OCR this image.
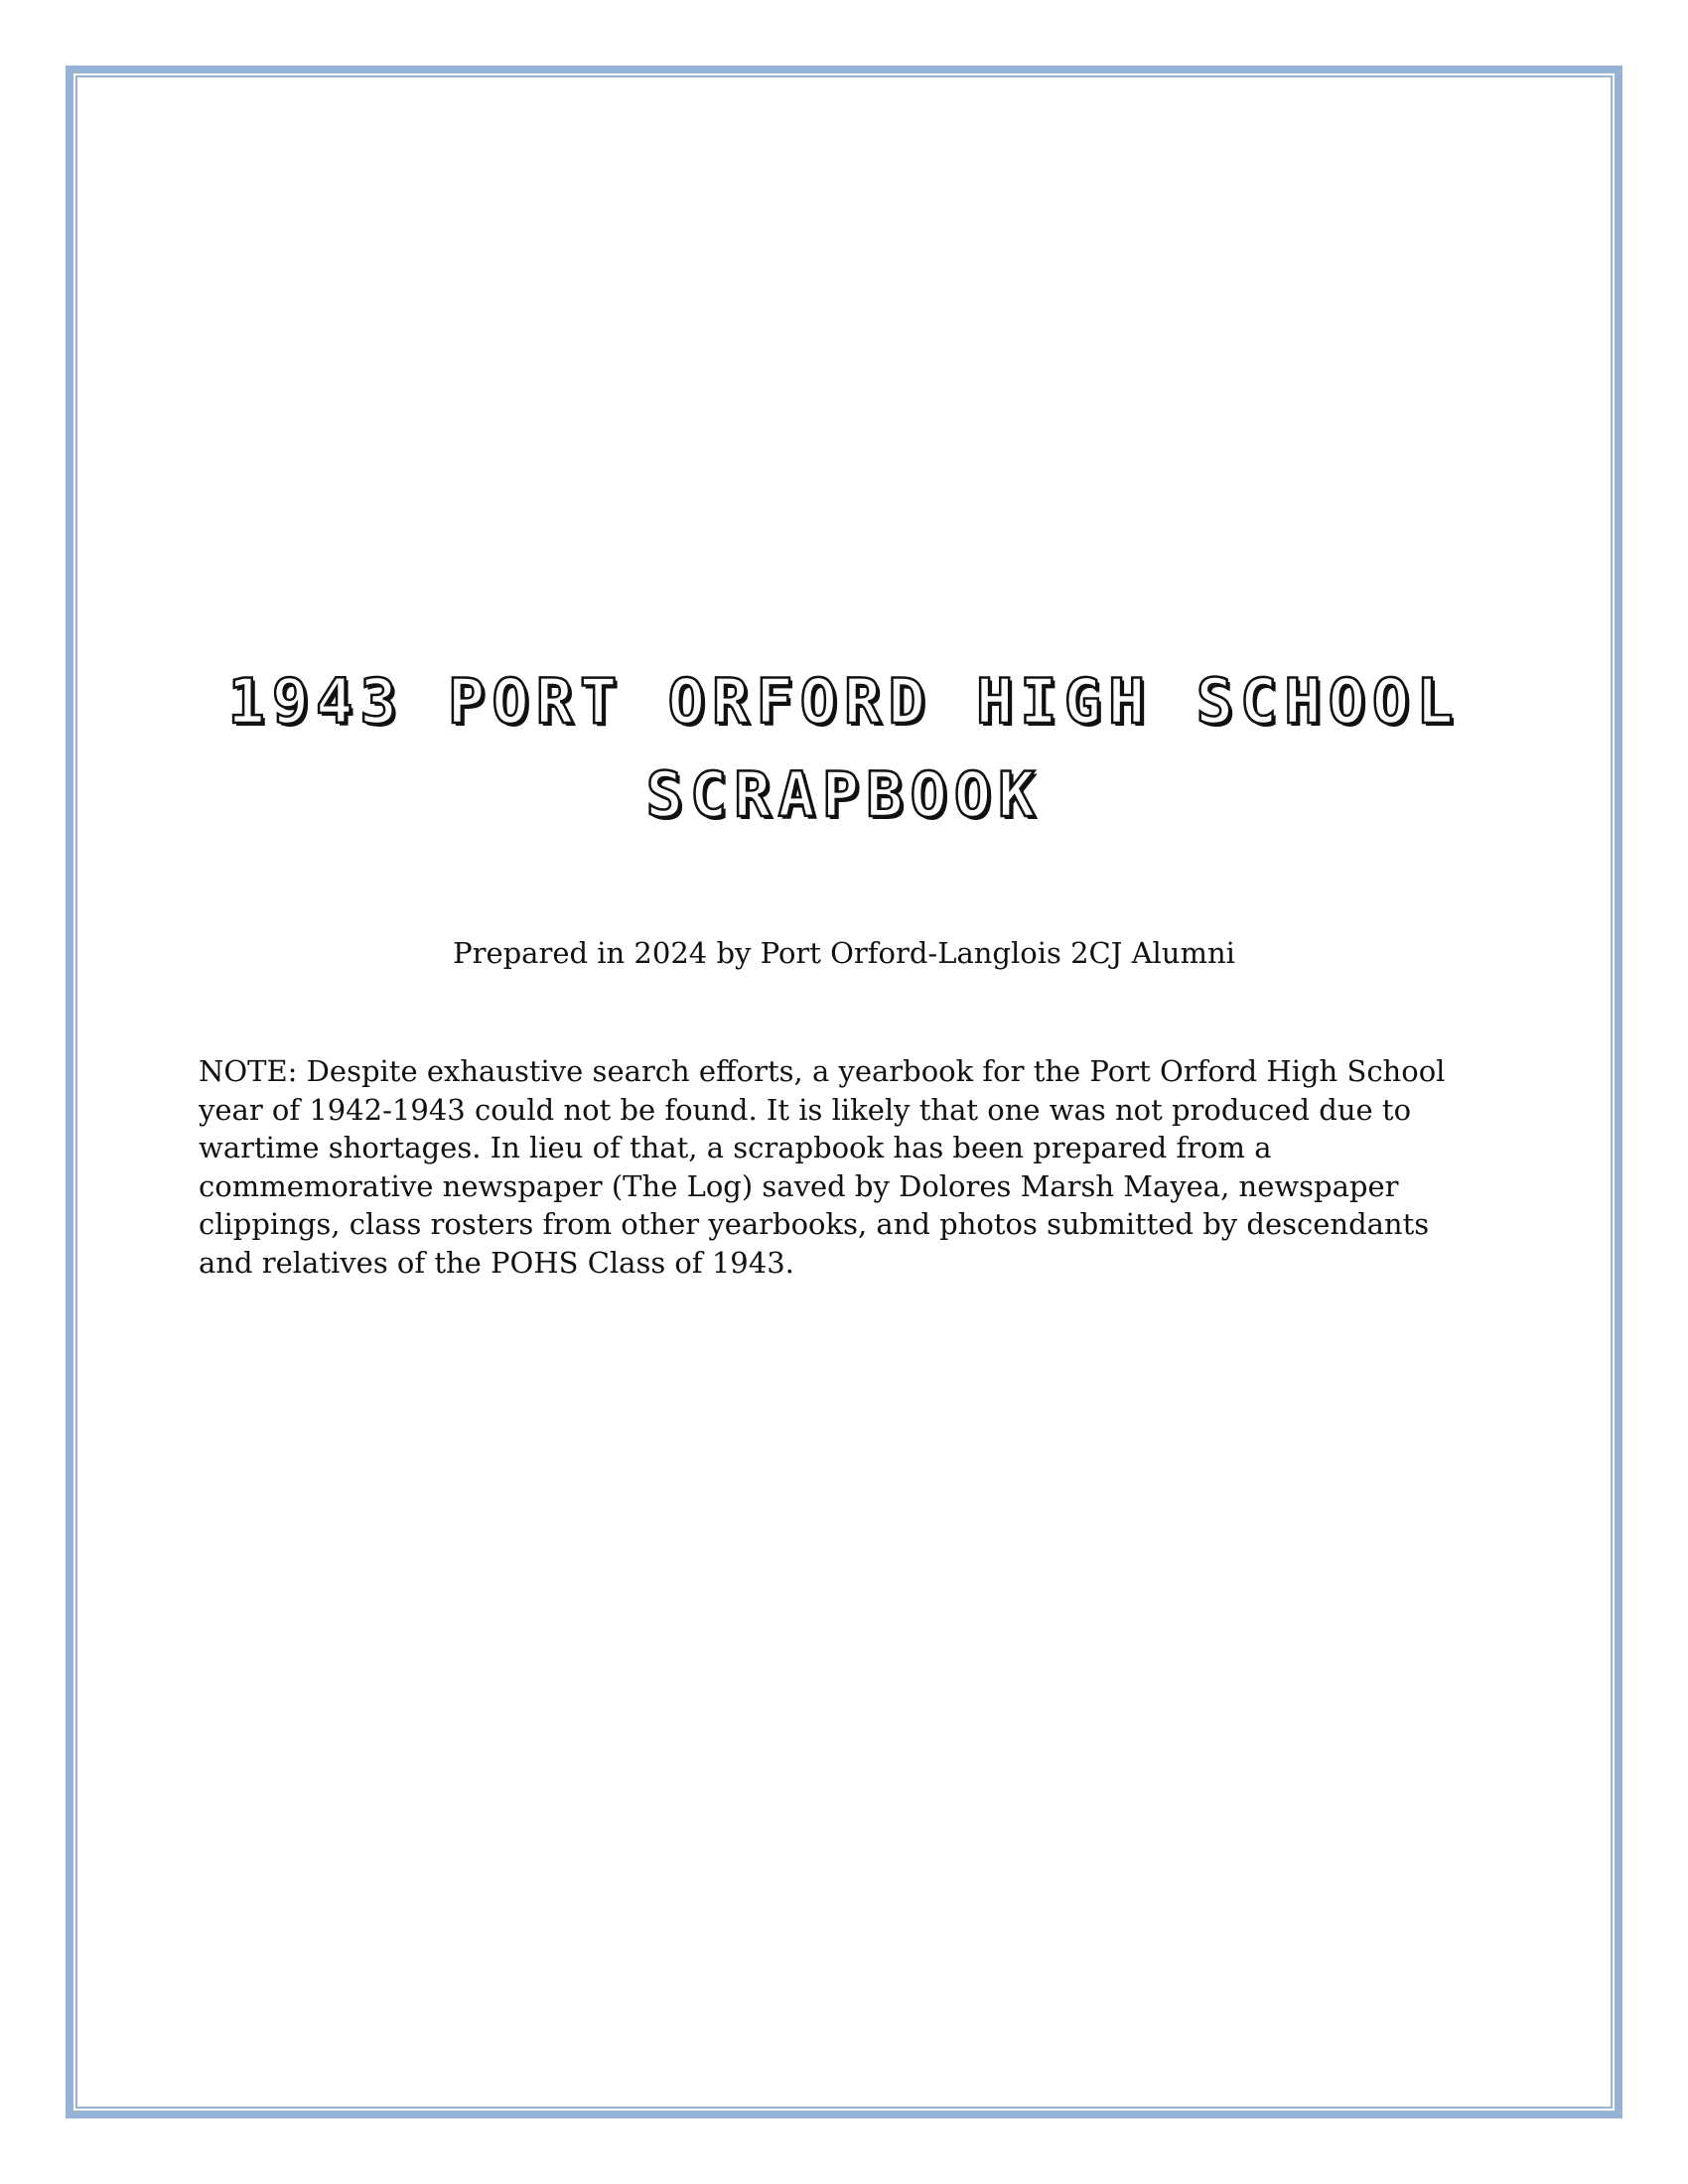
1943 PORT ORFORD HIGH SCHOOL SCRAPBOOK

Prepared in 2024 by Port Orford-Langlois 2CJ Alumni

NOTE: Despite exhaustive search efforts, a yearbook for the Port Orford High School year of 1942-1943 could not be found. It is likely that one was not produced due to wartime shortages. In lieu of that, a scrapbook has been prepared from a commemorative newspaper (The Log) saved by Dolores Marsh Mayea, newspaper clippings, class rosters from other yearbooks, and photos submitted by descendants and relatives of the POHS Class of 1943.
